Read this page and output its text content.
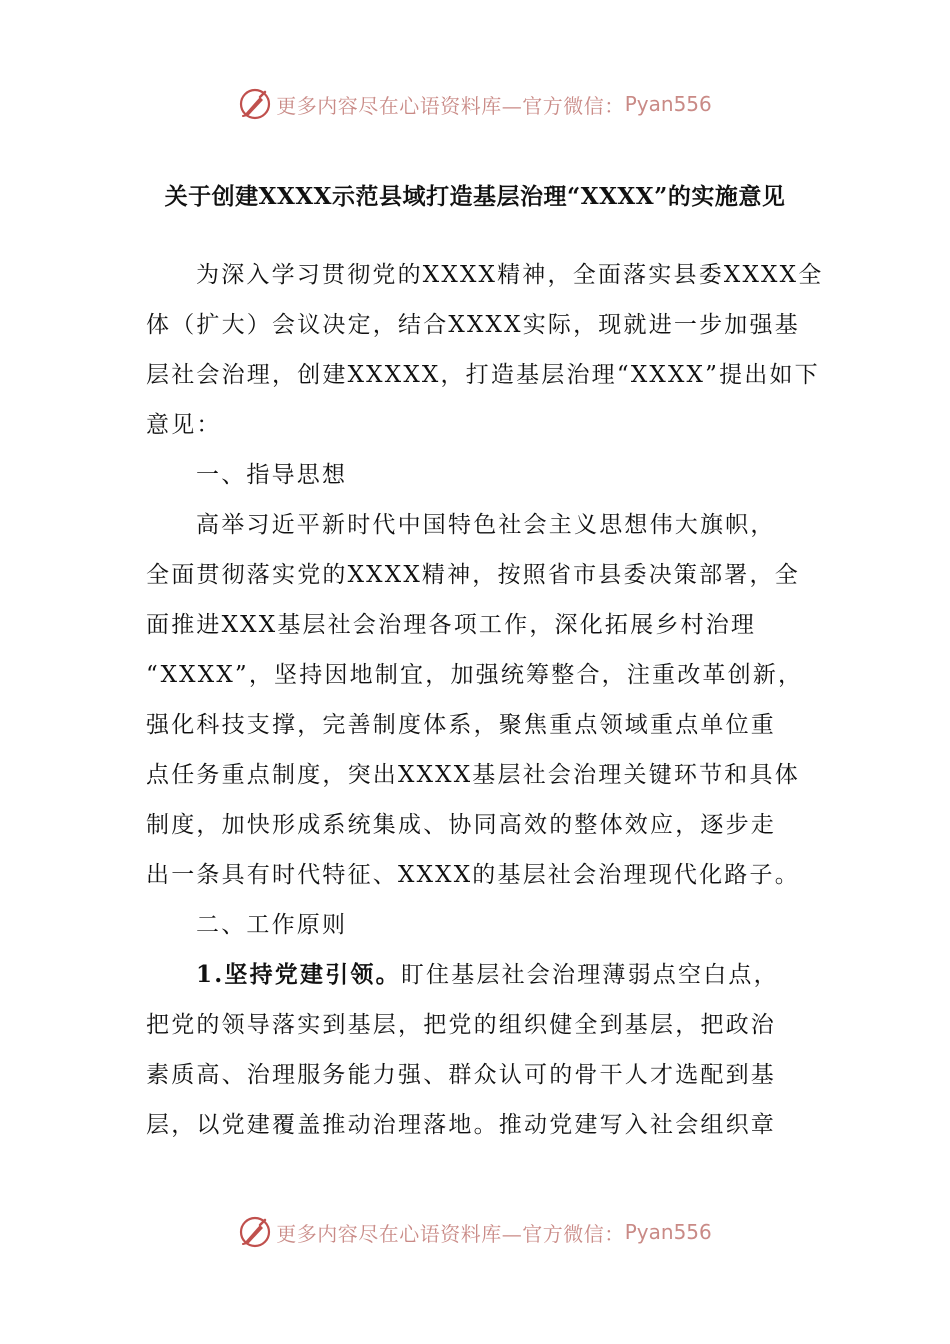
更多内容尽在心语资料库—官方微信： Pyan556
关于创建XXXX示范县域打造基层治理“XXXX”的实施意见
为深入学习贯彻党的XXXX精神，全面落实县委XXXX全
体（扩大）会议决定，结合XXXX实际，现就进一步加强基
层社会治理，创建XXXXX，打造基层治理“XXXX”提出如下
意见：
一、指导思想
高举习近平新时代中国特色社会主义思想伟大旗帜，
全面贯彻落实党的XXXX精神，按照省市县委决策部署，全
面推进XXX基层社会治理各项工作，深化拓展乡村治理
“XXXX”，坚持因地制宜，加强统筹整合，注重改革创新，
强化科技支撑，完善制度体系，聚焦重点领域重点单位重
点任务重点制度，突出XXXX基层社会治理关键环节和具体
制度，加快形成系统集成、协同高效的整体效应，逐步走
出一条具有时代特征、XXXX的基层社会治理现代化路子。
二、工作原则
1.坚持党建引领。盯住基层社会治理薄弱点空白点，
把党的领导落实到基层，把党的组织健全到基层，把政治
素质高、治理服务能力强、群众认可的骨干人才选配到基
层，以党建覆盖推动治理落地。推动党建写入社会组织章
更多内容尽在心语资料库—官方微信： Pyan556
